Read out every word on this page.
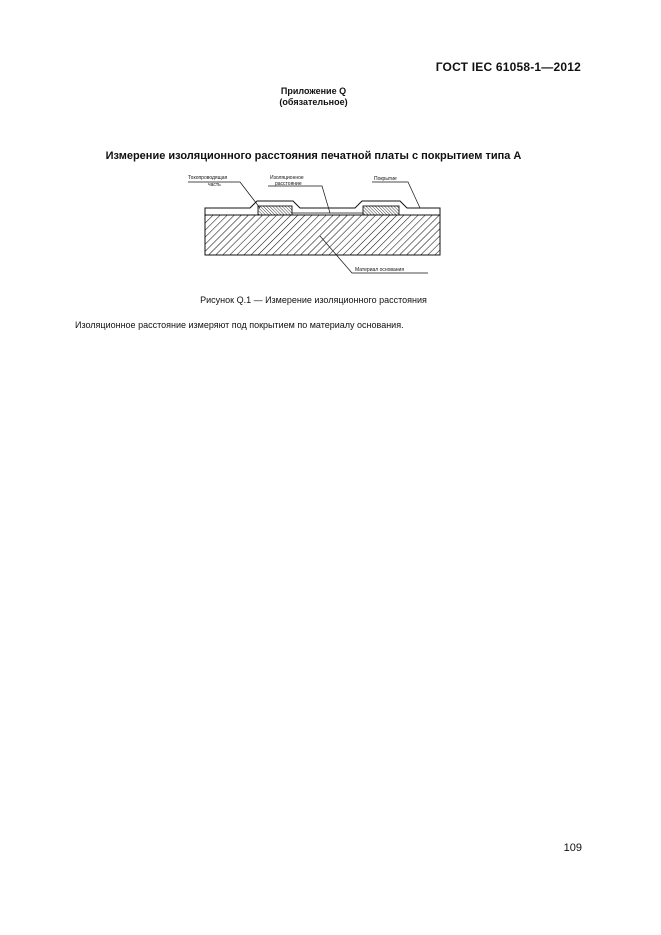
ГОСТ IEC 61058-1—2012
Приложение Q
(обязательное)
Измерение изоляционного расстояния печатной платы с покрытием типа А
Токопроводящая
часть
Изоляционное
расстояние
Покрытие
Материал основания
Рисунок Q.1 — Измерение изоляционного расстояния
Изоляционное расстояние измеряют под покрытием по материалу основания.
109
